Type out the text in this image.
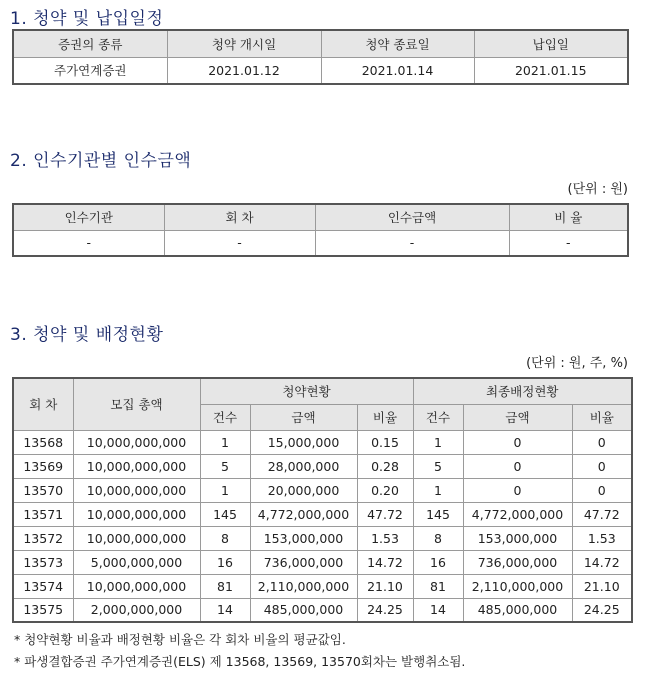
1. 청약 및 납입일정
증권의 종류	청약 개시일	청약 종료일	납입일
주가연계증권	2021.01.12	2021.01.14	2021.01.15
2. 인수기관별 인수금액
(단위 : 원)
인수기관	회 차	인수금액	비 율
-	-	-	-
3. 청약 및 배정현황
(단위 : 원, 주, %)
회 차	모집 총액	청약현황			최종배정현황		
		건수	금액	비율	건수	금액	비율
13568	10,000,000,000	1	15,000,000	0.15	1	0	0
13569	10,000,000,000	5	28,000,000	0.28	5	0	0
13570	10,000,000,000	1	20,000,000	0.20	1	0	0
13571	10,000,000,000	145	4,772,000,000	47.72	145	4,772,000,000	47.72
13572	10,000,000,000	8	153,000,000	1.53	8	153,000,000	1.53
13573	5,000,000,000	16	736,000,000	14.72	16	736,000,000	14.72
13574	10,000,000,000	81	2,110,000,000	21.10	81	2,110,000,000	21.10
13575	2,000,000,000	14	485,000,000	24.25	14	485,000,000	24.25
* 청약현황 비율과 배정현황 비율은 각 회차 비율의 평균값임.
* 파생결합증권 주가연계증권(ELS) 제 13568, 13569, 13570회차는 발행취소됨.
